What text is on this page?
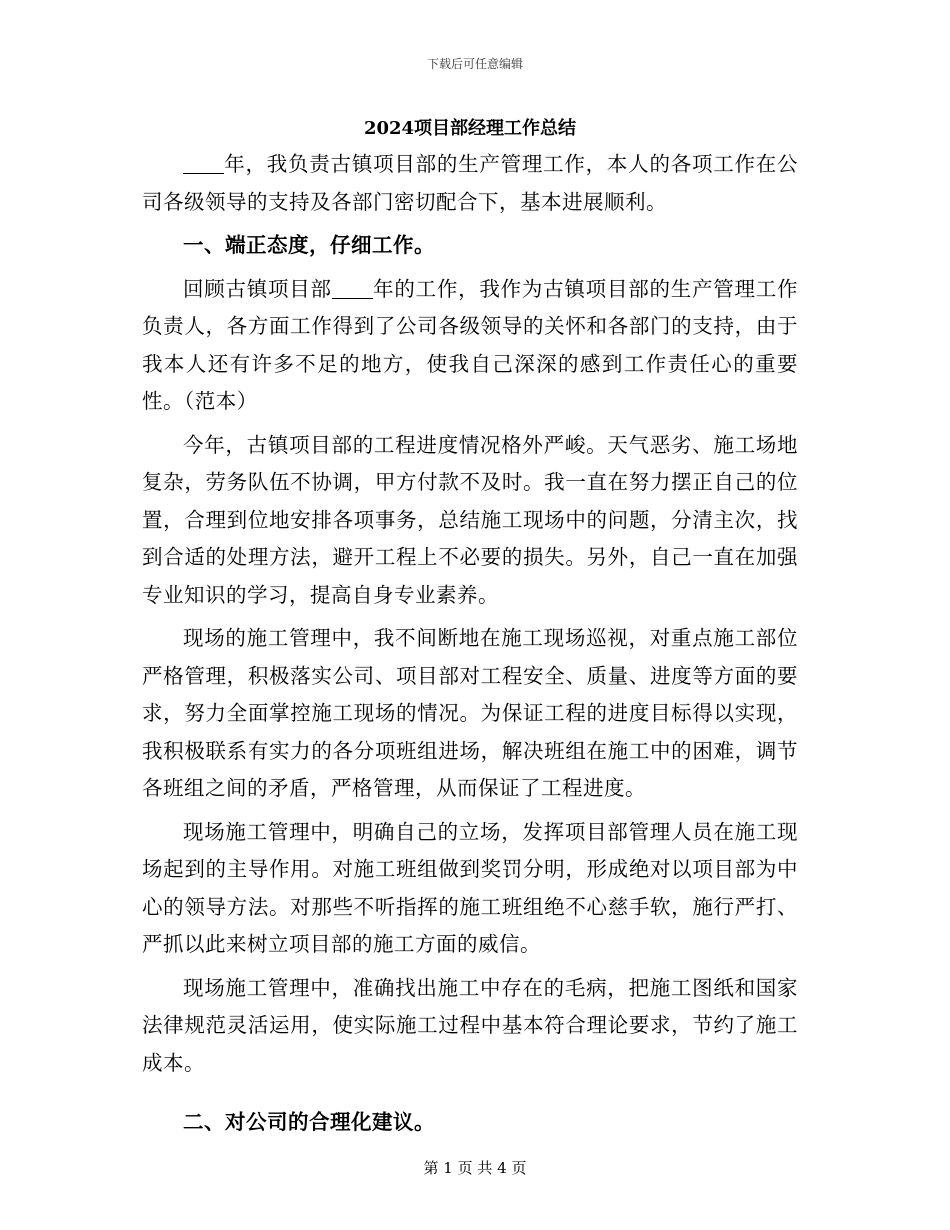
下载后可任意编辑
2024项目部经理工作总结

年，我负责古镇项目部的生产管理工作，本人的各项工作在公司各级领导的支持及各部门密切配合下，基本进展顺利。

一、端正态度，仔细工作。

回顾古镇项目部 年的工作，我作为古镇项目部的生产管理工作负责人，各方面工作得到了公司各级领导的关怀和各部门的支持，由于我本人还有许多不足的地方，使我自己深深的感到工作责任心的重要性。（范本）

今年，古镇项目部的工程进度情况格外严峻。天气恶劣、施工场地复杂，劳务队伍不协调，甲方付款不及时。我一直在努力摆正自己的位置，合理到位地安排各项事务，总结施工现场中的问题，分清主次，找到合适的处理方法，避开工程上不必要的损失。另外，自己一直在加强专业知识的学习，提高自身专业素养。

现场的施工管理中，我不间断地在施工现场巡视，对重点施工部位严格管理，积极落实公司、项目部对工程安全、质量、进度等方面的要求，努力全面掌控施工现场的情况。为保证工程的进度目标得以实现，我积极联系有实力的各分项班组进场，解决班组在施工中的困难，调节各班组之间的矛盾，严格管理，从而保证了工程进度。

现场施工管理中，明确自己的立场，发挥项目部管理人员在施工现场起到的主导作用。对施工班组做到奖罚分明，形成绝对以项目部为中心的领导方法。对那些不听指挥的施工班组绝不心慈手软，施行严打、严抓以此来树立项目部的施工方面的威信。

现场施工管理中，准确找出施工中存在的毛病，把施工图纸和国家法律规范灵活运用，使实际施工过程中基本符合理论要求，节约了施工成本。

二、对公司的合理化建议。

第 1 页 共 4 页
